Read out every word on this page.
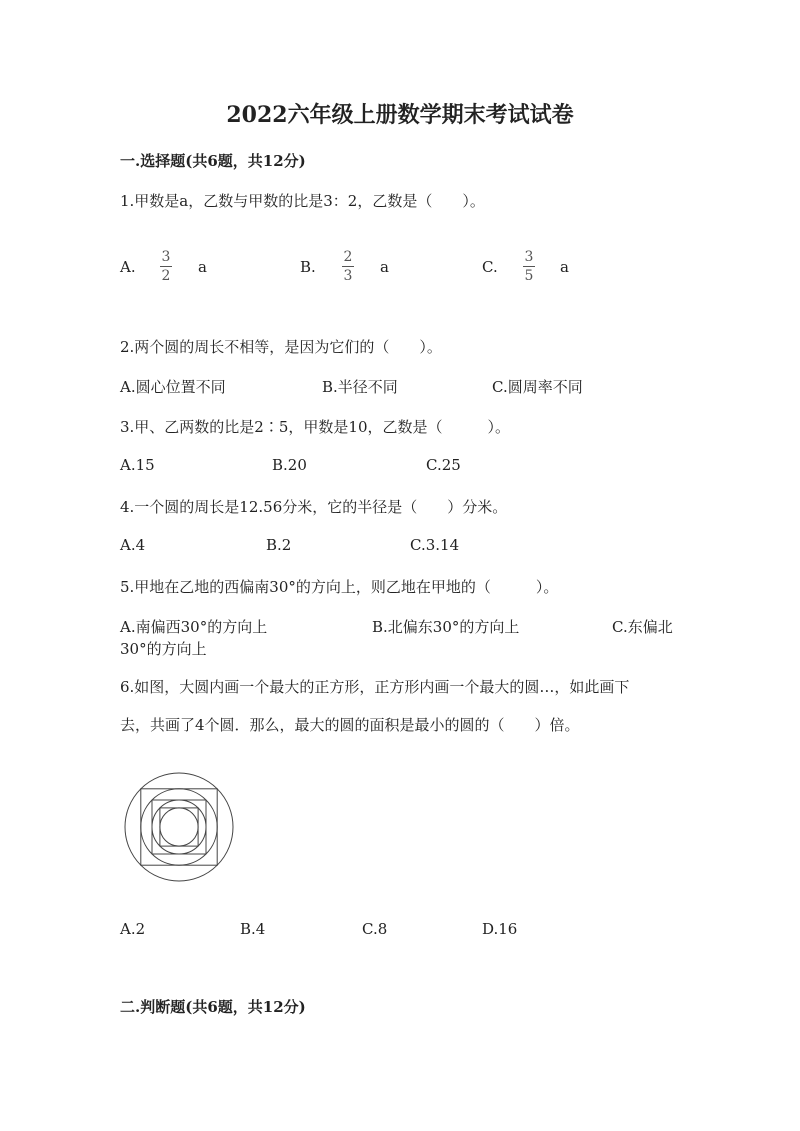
2022六年级上册数学期末考试试卷
一.选择题(共6题，共12分)
1.甲数是a，乙数与甲数的比是3：2，乙数是（　　）。
A.
3
2 a	B.
2
3 a	C.
3
5 a
2.两个圆的周长不相等，是因为它们的（　　）。
A.圆心位置不同	B.半径不同	C.圆周率不同
3.甲、乙两数的比是2∶5，甲数是10，乙数是（　　　）。
A.15	B.20	C.25
4.一个圆的周长是12.56分米，它的半径是（　　）分米。
A.4	B.2	C.3.14
5.甲地在乙地的西偏南30°的方向上，则乙地在甲地的（　　　）。
A.南偏西30°的方向上	B.北偏东30°的方向上	C.东偏北
30°的方向上
6.如图，大圆内画一个最大的正方形，正方形内画一个最大的圆…，如此画下
去，共画了4个圆．那么，最大的圆的面积是最小的圆的（　　）倍。
A.2	B.4	C.8	D.16
二.判断题(共6题，共12分)
